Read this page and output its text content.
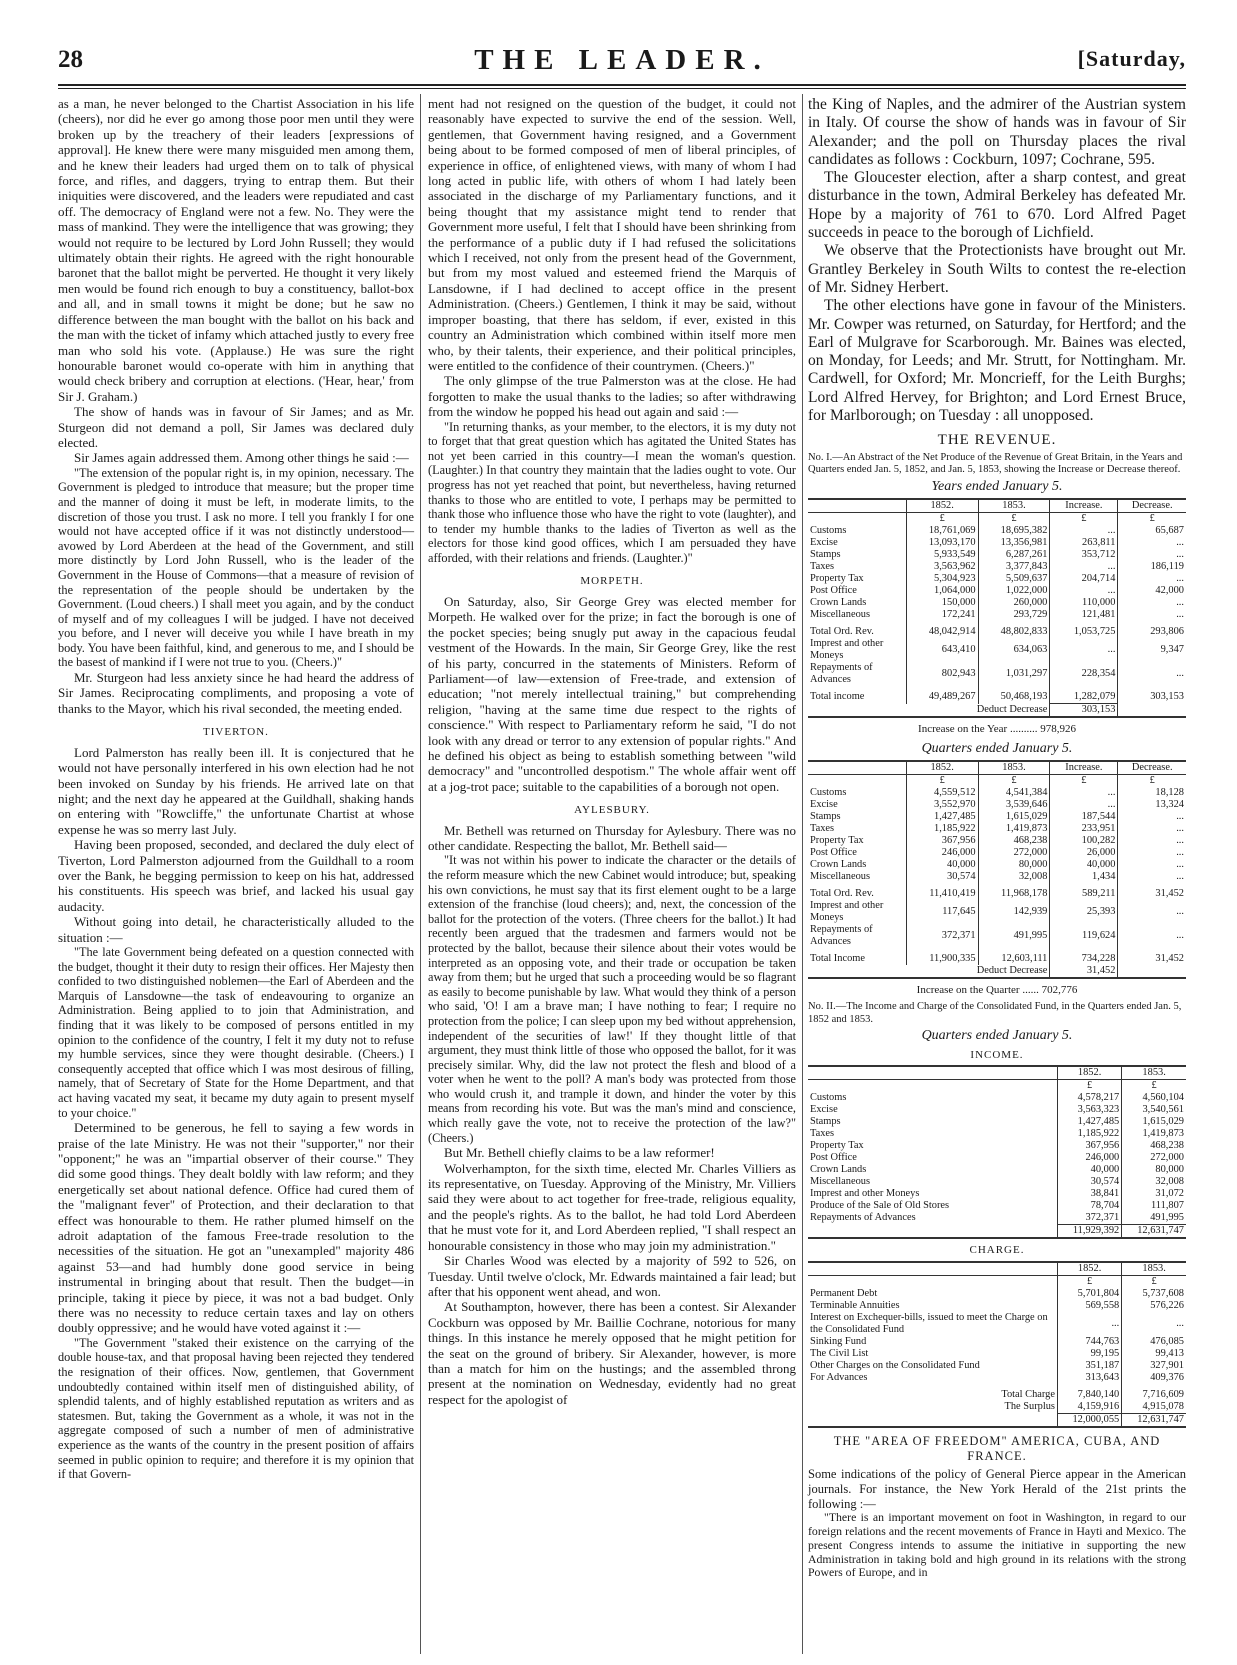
28	THE LEADER.	[Saturday,

as a man, he never belonged to the Chartist Association in his life (cheers), nor did he ever go among those poor men until they were broken up by the treachery of their leaders [expressions of approval]. He knew there were many misguided men among them, and he knew their leaders had urged them on to talk of physical force, and rifles, and daggers, trying to entrap them. But their iniquities were discovered, and the leaders were repudiated and cast off. The democracy of England were not a few. No. They were the mass of mankind. They were the intelligence that was growing; they would not require to be lectured by Lord John Russell; they would ultimately obtain their rights. He agreed with the right honourable baronet that the ballot might be perverted. He thought it very likely men would be found rich enough to buy a constituency, ballot-box and all, and in small towns it might be done; but he saw no difference between the man bought with the ballot on his back and the man with the ticket of infamy which attached justly to every free man who sold his vote. (Applause.) He was sure the right honourable baronet would co-operate with him in anything that would check bribery and corruption at elections. ('Hear, hear,' from Sir J. Graham.)

The show of hands was in favour of Sir James; and as Mr. Sturgeon did not demand a poll, Sir James was declared duly elected.

Sir James again addressed them. Among other things he said :—

"The extension of the popular right is, in my opinion, necessary. The Government is pledged to introduce that measure; but the proper time and the manner of doing it must be left, in moderate limits, to the discretion of those you trust. I ask no more. I tell you frankly I for one would not have accepted office if it was not distinctly understood—avowed by Lord Aberdeen at the head of the Government, and still more distinctly by Lord John Russell, who is the leader of the Government in the House of Commons—that a measure of revision of the representation of the people should be undertaken by the Government. (Loud cheers.) I shall meet you again, and by the conduct of myself and of my colleagues I will be judged. I have not deceived you before, and I never will deceive you while I have breath in my body. You have been faithful, kind, and generous to me, and I should be the basest of mankind if I were not true to you. (Cheers.)"

Mr. Sturgeon had less anxiety since he had heard the address of Sir James. Reciprocating compliments, and proposing a vote of thanks to the Mayor, which his rival seconded, the meeting ended.

TIVERTON.

Lord Palmerston has really been ill. It is conjectured that he would not have personally interfered in his own election had he not been invoked on Sunday by his friends. He arrived late on that night; and the next day he appeared at the Guildhall, shaking hands on entering with "Rowcliffe," the unfortunate Chartist at whose expense he was so merry last July.

Having been proposed, seconded, and declared the duly elect of Tiverton, Lord Palmerston adjourned from the Guildhall to a room over the Bank, he begging permission to keep on his hat, addressed his constituents. His speech was brief, and lacked his usual gay audacity.

Without going into detail, he characteristically alluded to the situation :—

"The late Government being defeated on a question connected with the budget, thought it their duty to resign their offices. Her Majesty then confided to two distinguished noblemen—the Earl of Aberdeen and the Marquis of Lansdowne—the task of endeavouring to organize an Administration. Being applied to to join that Administration, and finding that it was likely to be composed of persons entitled in my opinion to the confidence of the country, I felt it my duty not to refuse my humble services, since they were thought desirable. (Cheers.) I consequently accepted that office which I was most desirous of filling, namely, that of Secretary of State for the Home Department, and that act having vacated my seat, it became my duty again to present myself to your choice."

Determined to be generous, he fell to saying a few words in praise of the late Ministry. He was not their "supporter," nor their "opponent;" he was an "impartial observer of their course." They did some good things. They dealt boldly with law reform; and they energetically set about national defence. Office had cured them of the "malignant fever" of Protection, and their declaration to that effect was honourable to them. He rather plumed himself on the adroit adaptation of the famous Free-trade resolution to the necessities of the situation. He got an "unexampled" majority 486 against 53—and had humbly done good service in being instrumental in bringing about that result. Then the budget—in principle, taking it piece by piece, it was not a bad budget. Only there was no necessity to reduce certain taxes and lay on others doubly oppressive; and he would have voted against it :—

"The Government "staked their existence on the carrying of the double house-tax, and that proposal having been rejected they tendered the resignation of their offices. Now, gentlemen, that Government undoubtedly contained within itself men of distinguished ability, of splendid talents, and of highly established reputation as writers and as statesmen. But, taking the Government as a whole, it was not in the aggregate composed of such a number of men of administrative experience as the wants of the country in the present position of affairs seemed in public opinion to require; and therefore it is my opinion that if that Govern-

ment had not resigned on the question of the budget, it could not reasonably have expected to survive the end of the session. Well, gentlemen, that Government having resigned, and a Government being about to be formed composed of men of liberal principles, of experience in office, of enlightened views, with many of whom I had long acted in public life, with others of whom I had lately been associated in the discharge of my Parliamentary functions, and it being thought that my assistance might tend to render that Government more useful, I felt that I should have been shrinking from the performance of a public duty if I had refused the solicitations which I received, not only from the present head of the Government, but from my most valued and esteemed friend the Marquis of Lansdowne, if I had declined to accept office in the present Administration. (Cheers.) Gentlemen, I think it may be said, without improper boasting, that there has seldom, if ever, existed in this country an Administration which combined within itself more men who, by their talents, their experience, and their political principles, were entitled to the confidence of their countrymen. (Cheers.)"

The only glimpse of the true Palmerston was at the close. He had forgotten to make the usual thanks to the ladies; so after withdrawing from the window he popped his head out again and said :—

"In returning thanks, as your member, to the electors, it is my duty not to forget that that great question which has agitated the United States has not yet been carried in this country—I mean the woman's question. (Laughter.) In that country they maintain that the ladies ought to vote. Our progress has not yet reached that point, but nevertheless, having returned thanks to those who are entitled to vote, I perhaps may be permitted to thank those who influence those who have the right to vote (laughter), and to tender my humble thanks to the ladies of Tiverton as well as the electors for those kind good offices, which I am persuaded they have afforded, with their relations and friends. (Laughter.)"

MORPETH.

On Saturday, also, Sir George Grey was elected member for Morpeth. He walked over for the prize; in fact the borough is one of the pocket species; being snugly put away in the capacious feudal vestment of the Howards. In the main, Sir George Grey, like the rest of his party, concurred in the statements of Ministers. Reform of Parliament—of law—extension of Free-trade, and extension of education; "not merely intellectual training," but comprehending religion, "having at the same time due respect to the rights of conscience." With respect to Parliamentary reform he said, "I do not look with any dread or terror to any extension of popular rights." And he defined his object as being to establish something between "wild democracy" and "uncontrolled despotism." The whole affair went off at a jog-trot pace; suitable to the capabilities of a borough not open.

AYLESBURY.

Mr. Bethell was returned on Thursday for Aylesbury. There was no other candidate. Respecting the ballot, Mr. Bethell said—

"It was not within his power to indicate the character or the details of the reform measure which the new Cabinet would introduce; but, speaking his own convictions, he must say that its first element ought to be a large extension of the franchise (loud cheers); and, next, the concession of the ballot for the protection of the voters. (Three cheers for the ballot.) It had recently been argued that the tradesmen and farmers would not be protected by the ballot, because their silence about their votes would be interpreted as an opposing vote, and their trade or occupation be taken away from them; but he urged that such a proceeding would be so flagrant as easily to become punishable by law. What would they think of a person who said, 'O! I am a brave man; I have nothing to fear; I require no protection from the police; I can sleep upon my bed without apprehension, independent of the securities of law!' If they thought little of that argument, they must think little of those who opposed the ballot, for it was precisely similar. Why, did the law not protect the flesh and blood of a voter when he went to the poll? A man's body was protected from those who would crush it, and trample it down, and hinder the voter by this means from recording his vote. But was the man's mind and conscience, which really gave the vote, not to receive the protection of the law?" (Cheers.)

But Mr. Bethell chiefly claims to be a law reformer!

Wolverhampton, for the sixth time, elected Mr. Charles Villiers as its representative, on Tuesday. Approving of the Ministry, Mr. Villiers said they were about to act together for free-trade, religious equality, and the people's rights. As to the ballot, he had told Lord Aberdeen that he must vote for it, and Lord Aberdeen replied, "I shall respect an honourable consistency in those who may join my administration."

Sir Charles Wood was elected by a majority of 592 to 526, on Tuesday. Until twelve o'clock, Mr. Edwards maintained a fair lead; but after that his opponent went ahead, and won.

At Southampton, however, there has been a contest. Sir Alexander Cockburn was opposed by Mr. Baillie Cochrane, notorious for many things. In this instance he merely opposed that he might petition for the seat on the ground of bribery. Sir Alexander, however, is more than a match for him on the hustings; and the assembled throng present at the nomination on Wednesday, evidently had no great respect for the apologist of

the King of Naples, and the admirer of the Austrian system in Italy. Of course the show of hands was in favour of Sir Alexander; and the poll on Thursday places the rival candidates as follows : Cockburn, 1097; Cochrane, 595.

The Gloucester election, after a sharp contest, and great disturbance in the town, Admiral Berkeley has defeated Mr. Hope by a majority of 761 to 670. Lord Alfred Paget succeeds in peace to the borough of Lichfield.

We observe that the Protectionists have brought out Mr. Grantley Berkeley in South Wilts to contest the re-election of Mr. Sidney Herbert.

The other elections have gone in favour of the Ministers. Mr. Cowper was returned, on Saturday, for Hertford; and the Earl of Mulgrave for Scarborough. Mr. Baines was elected, on Monday, for Leeds; and Mr. Strutt, for Nottingham. Mr. Cardwell, for Oxford; Mr. Moncrieff, for the Leith Burghs; Lord Alfred Hervey, for Brighton; and Lord Ernest Bruce, for Marlborough; on Tuesday : all unopposed.

THE REVENUE.

No. I.—An Abstract of the Net Produce of the Revenue of Great Britain, in the Years and Quarters ended Jan. 5, 1852, and Jan. 5, 1853, showing the Increase or Decrease thereof.

Years ended January 5.
	1852.	1853.	Increase.	Decrease.
	£	£	£	£
Customs	18,761,069	18,695,382	...	65,687
Excise	13,093,170	13,356,981	263,811	...
Stamps	5,933,549	6,287,261	353,712	...
Taxes	3,563,962	3,377,843	...	186,119
Property Tax	5,304,923	5,509,637	204,714	...
Post Office	1,064,000	1,022,000	...	42,000
Crown Lands	150,000	260,000	110,000	...
Miscellaneous	172,241	293,729	121,481	...
Total Ord. Rev.	48,042,914	48,802,833	1,053,725	293,806
Imprest and other Moneys	643,410	634,063	...	9,347
Repayments of Advances	802,943	1,031,297	228,354	...
Total income	49,489,267	50,468,193	1,282,079	303,153
Deduct Decrease			303,153	
Increase on the Year .......... 978,926
Quarters ended January 5.
	1852.	1853.	Increase.	Decrease.
	£	£	£	£
Customs	4,559,512	4,541,384	...	18,128
Excise	3,552,970	3,539,646	...	13,324
Stamps	1,427,485	1,615,029	187,544	...
Taxes	1,185,922	1,419,873	233,951	...
Property Tax	367,956	468,238	100,282	...
Post Office	246,000	272,000	26,000	...
Crown Lands	40,000	80,000	40,000	...
Miscellaneous	30,574	32,008	1,434	...
Total Ord. Rev.	11,410,419	11,968,178	589,211	31,452
Imprest and other Moneys	117,645	142,939	25,393	...
Repayments of Advances	372,371	491,995	119,624	...
Total Income	11,900,335	12,603,111	734,228	31,452
Deduct Decrease			31,452	
Increase on the Quarter ...... 702,776

No. II.—The Income and Charge of the Consolidated Fund, in the Quarters ended Jan. 5, 1852 and 1853.

Quarters ended January 5.
INCOME.
	1852.	1853.
	£	£
Customs	4,578,217	4,560,104
Excise	3,563,323	3,540,561
Stamps	1,427,485	1,615,029
Taxes	1,185,922	1,419,873
Property Tax	367,956	468,238
Post Office	246,000	272,000
Crown Lands	40,000	80,000
Miscellaneous	30,574	32,008
Imprest and other Moneys	38,841	31,072
Produce of the Sale of Old Stores	78,704	111,807
Repayments of Advances	372,371	491,995
	11,929,392	12,631,747
CHARGE.
	1852.	1853.
	£	£
Permanent Debt	5,701,804	5,737,608
Terminable Annuities	569,558	576,226
Interest on Exchequer-bills, issued to meet the Charge on the Consolidated Fund	...	...
Sinking Fund	744,763	476,085
The Civil List	99,195	99,413
Other Charges on the Consolidated Fund	351,187	327,901
For Advances	313,643	409,376
Total Charge	7,840,140	7,716,609
The Surplus	4,159,916	4,915,078
	12,000,055	12,631,747
THE "AREA OF FREEDOM" AMERICA, CUBA, AND FRANCE.

Some indications of the policy of General Pierce appear in the American journals. For instance, the New York Herald of the 21st prints the following :—

"There is an important movement on foot in Washington, in regard to our foreign relations and the recent movements of France in Hayti and Mexico. The present Congress intends to assume the initiative in supporting the new Administration in taking bold and high ground in its relations with the strong Powers of Europe, and in
